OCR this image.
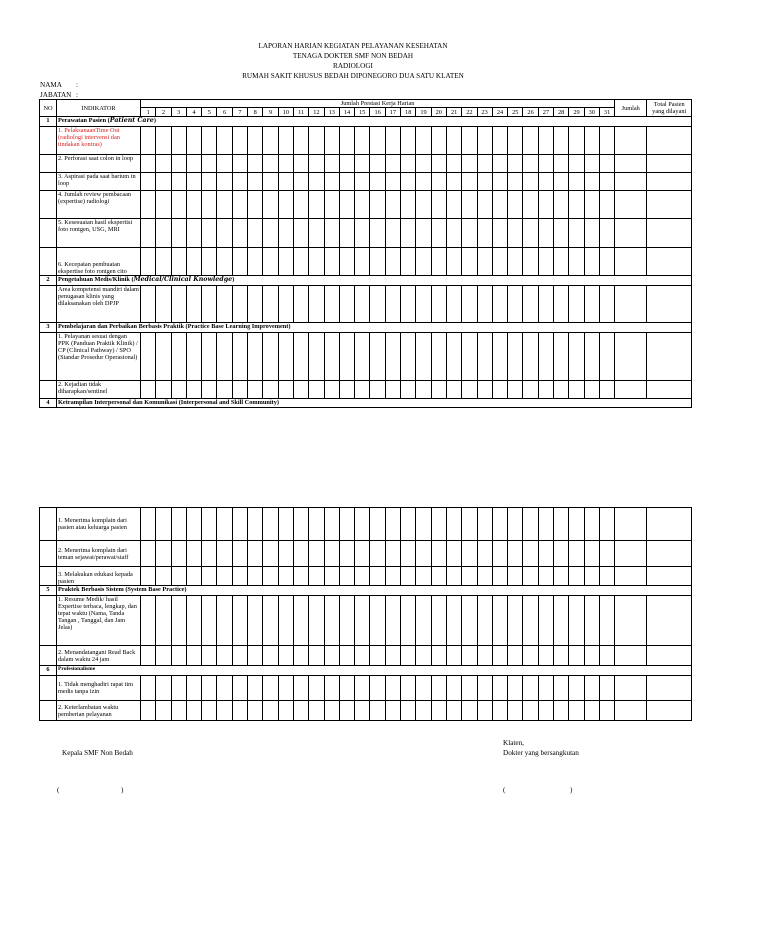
LAPORAN HARIAN KEGIATAN PELAYANAN KESEHATAN
TENAGA DOKTER SMF NON BEDAH
RADIOLOGI
RUMAH SAKIT KHUSUS BEDAH DIPONEGORO DUA SATU KLATEN
NAMA :
JABATAN :
NO	INDIKATOR	Jumlah Prestasi Kerja Harian																															Jumlah	Total Pasien yang dilayani
		1	2	3	4	5	6	7	8	9	10	11	12	13	14	15	16	17	18	19	20	21	22	23	24	25	26	27	28	29	30	31		
1	Perawatan Pasien (Patient Care)																																	
	1. PelaksanaanTime Out (radiologi intervensi dan tindakan kontras)																																	
	2. Perforasi saat colon in loop																																	
	3. Aspirasi pada saat barium in loop																																	
	4. Jumlah review pembacaan (expertise) radiologi																																	
	5. Kesesuaian hasil ekspertisi foto rontgen, USG, MRI																																	
	6. Kecepatan pembuatan ekspertise foto rontgen cito																																	
2	Pengetahuan Medis/Klinik (Medical/Clinical Knowledge)																																	
	Area kompetensi mandiri dalam penugasan klinis yang dilaksanakan oleh DPJP																																	
3	Pembelajaran dan Perbaikan Berbasis Praktik (Practice Base Learning Improvement)																																	
	1. Pelayanan sesuai dengan PPK (Panduan Praktik Klinik) / CP (Clinical Pathway) / SPO (Standar Prosedur Operasional)																																	
	2. Kejadian tidak diharapkan/sentinel																																	
4	Ketrampilan Interpersonal dan Komunikasi (Interpersonal and Skill Community)																																	
	1. Menerima komplain dari pasien atau keluarga pasien																																	
	2. Menerima komplain dari teman sejawat/perawat/staff																																	
	3. Melakukan edukasi kepada pasien																																	
5	Praktek Berbasis Sistem (System Base Practice)																																	
	1. Resume Medik/ hasil Expertise terbaca, lengkap, dan tepat waktu (Nama, Tanda Tangan , Tanggal, dan Jam Jelas)																																	
	2. Menandatangani Read Back dalam waktu 24 jam																																	
6	Profesionalisme																																	
	1. Tidak menghadiri rapat tim medis tanpa izin																																	
	2. Keterlambatan waktu pemberian pelayanan																																	
Kepala SMF Non Bedah
Klaten,
Dokter yang bersangkutan
(	)	(	)
